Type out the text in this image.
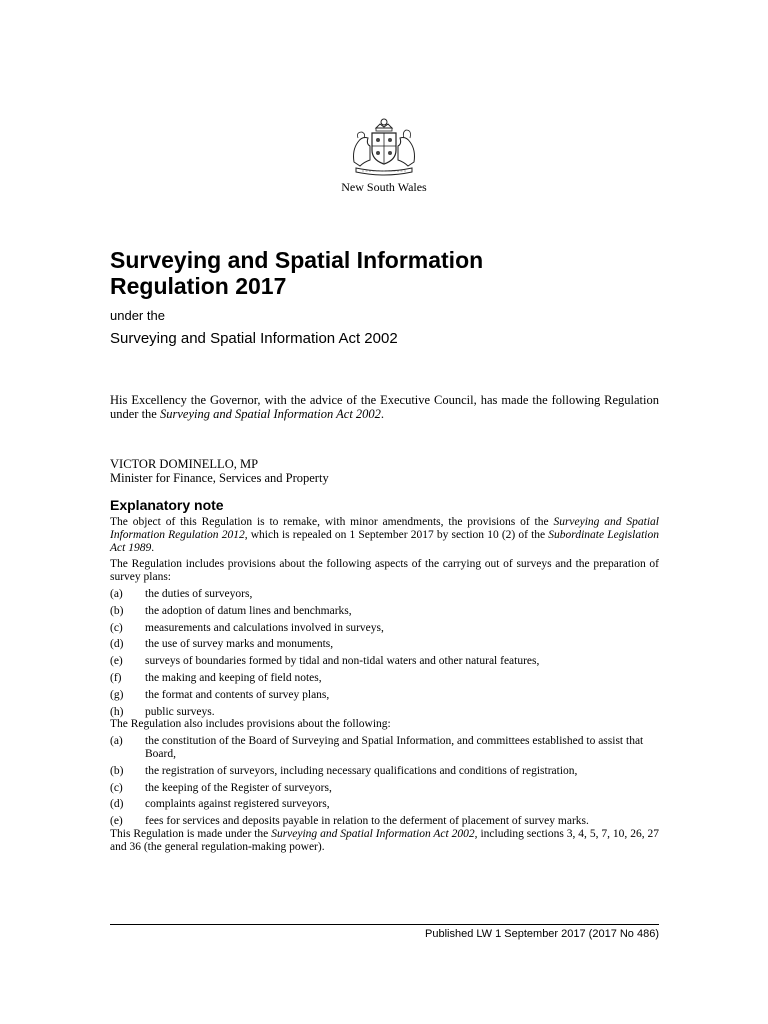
New South Wales
Surveying and Spatial Information
Regulation 2017
under the
Surveying and Spatial Information Act 2002

His Excellency the Governor, with the advice of the Executive Council, has made the following Regulation under the Surveying and Spatial Information Act 2002.

VICTOR DOMINELLO, MP
Minister for Finance, Services and Property
Explanatory note

The object of this Regulation is to remake, with minor amendments, the provisions of the Surveying and Spatial Information Regulation 2012, which is repealed on 1 September 2017 by section 10 (2) of the Subordinate Legislation Act 1989.

The Regulation includes provisions about the following aspects of the carrying out of surveys and the preparation of survey plans:

(a)	the duties of surveyors,
(b)	the adoption of datum lines and benchmarks,
(c)	measurements and calculations involved in surveys,
(d)	the use of survey marks and monuments,
(e)	surveys of boundaries formed by tidal and non-tidal waters and other natural features,
(f)	the making and keeping of field notes,
(g)	the format and contents of survey plans,
(h)	public surveys.

The Regulation also includes provisions about the following:

(a)	the constitution of the Board of Surveying and Spatial Information, and committees established to assist that Board,
(b)	the registration of surveyors, including necessary qualifications and conditions of registration,
(c)	the keeping of the Register of surveyors,
(d)	complaints against registered surveyors,
(e)	fees for services and deposits payable in relation to the deferment of placement of survey marks.

This Regulation is made under the Surveying and Spatial Information Act 2002, including sections 3, 4, 5, 7, 10, 26, 27 and 36 (the general regulation-making power).

Published LW 1 September 2017 (2017 No 486)
